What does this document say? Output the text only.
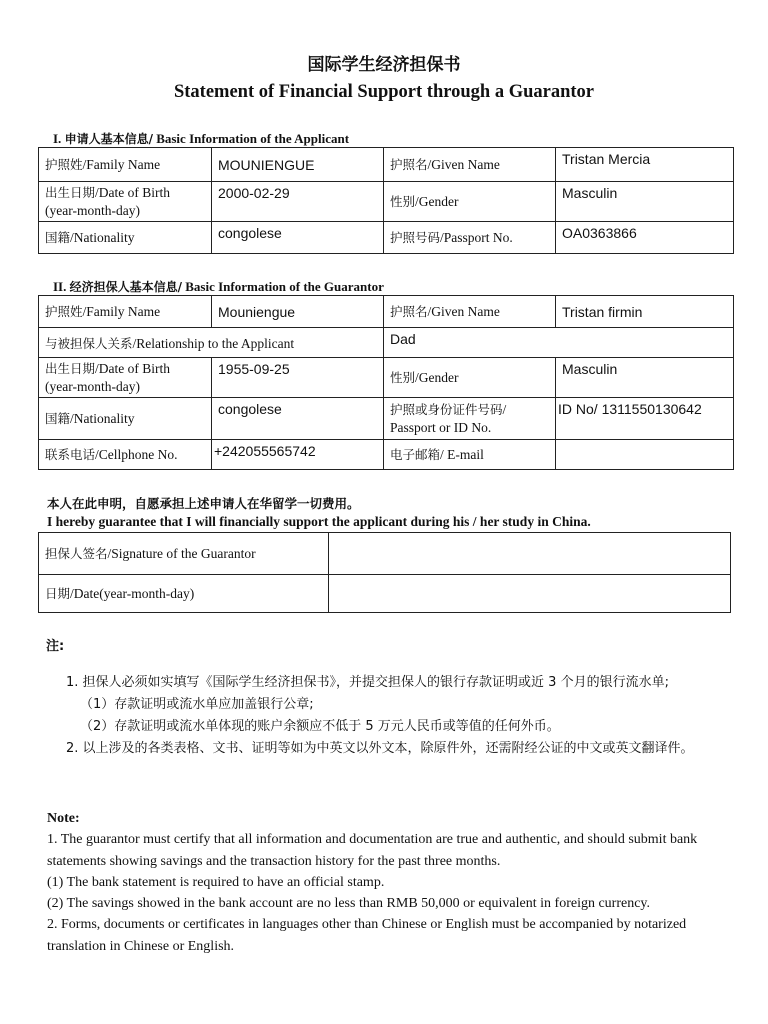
国际学生经济担保书
Statement of Financial Support through a Guarantor
I. 申请人基本信息/ Basic Information of the Applicant
护照姓/Family Name	MOUNIENGUE	护照名/Given Name	Tristan Mercia
出生日期/Date of Birth
(year-month-day)	2000-02-29	性别/Gender	Masculin
国籍/Nationality	congolese	护照号码/Passport No.	OA0363866
II. 经济担保人基本信息/ Basic Information of the Guarantor
护照姓/Family Name	Mouniengue	护照名/Given Name	Tristan firmin
与被担保人关系/Relationship to the Applicant		Dad	
出生日期/Date of Birth
(year-month-day)	1955-09-25	性别/Gender	Masculin
国籍/Nationality	congolese	护照或身份证件号码/
Passport or ID No.	ID No/ 1311550130642
联系电话/Cellphone No.	+242055565742	电子邮箱/ E-mail	
本人在此申明，自愿承担上述申请人在华留学一切费用。
I hereby guarantee that I will financially support the applicant during his / her study in China.
担保人签名/Signature of the Guarantor	
日期/Date(year-month-day)	

注:

1. 担保人必须如实填写《国际学生经济担保书》，并提交担保人的银行存款证明或近 3 个月的银行流水单;

（1）存款证明或流水单应加盖银行公章;

（2）存款证明或流水单体现的账户余额应不低于 5 万元人民币或等值的任何外币。

2. 以上涉及的各类表格、文书、证明等如为中英文以外文本，除原件外，还需附经公证的中文或英文翻译件。

Note:

1. The guarantor must certify that all information and documentation are true and authentic, and should submit bank statements showing savings and the transaction history for the past three months.

(1) The bank statement is required to have an official stamp.

(2) The savings showed in the bank account are no less than RMB 50,000 or equivalent in foreign currency.

2. Forms, documents or certificates in languages other than Chinese or English must be accompanied by notarized translation in Chinese or English.
